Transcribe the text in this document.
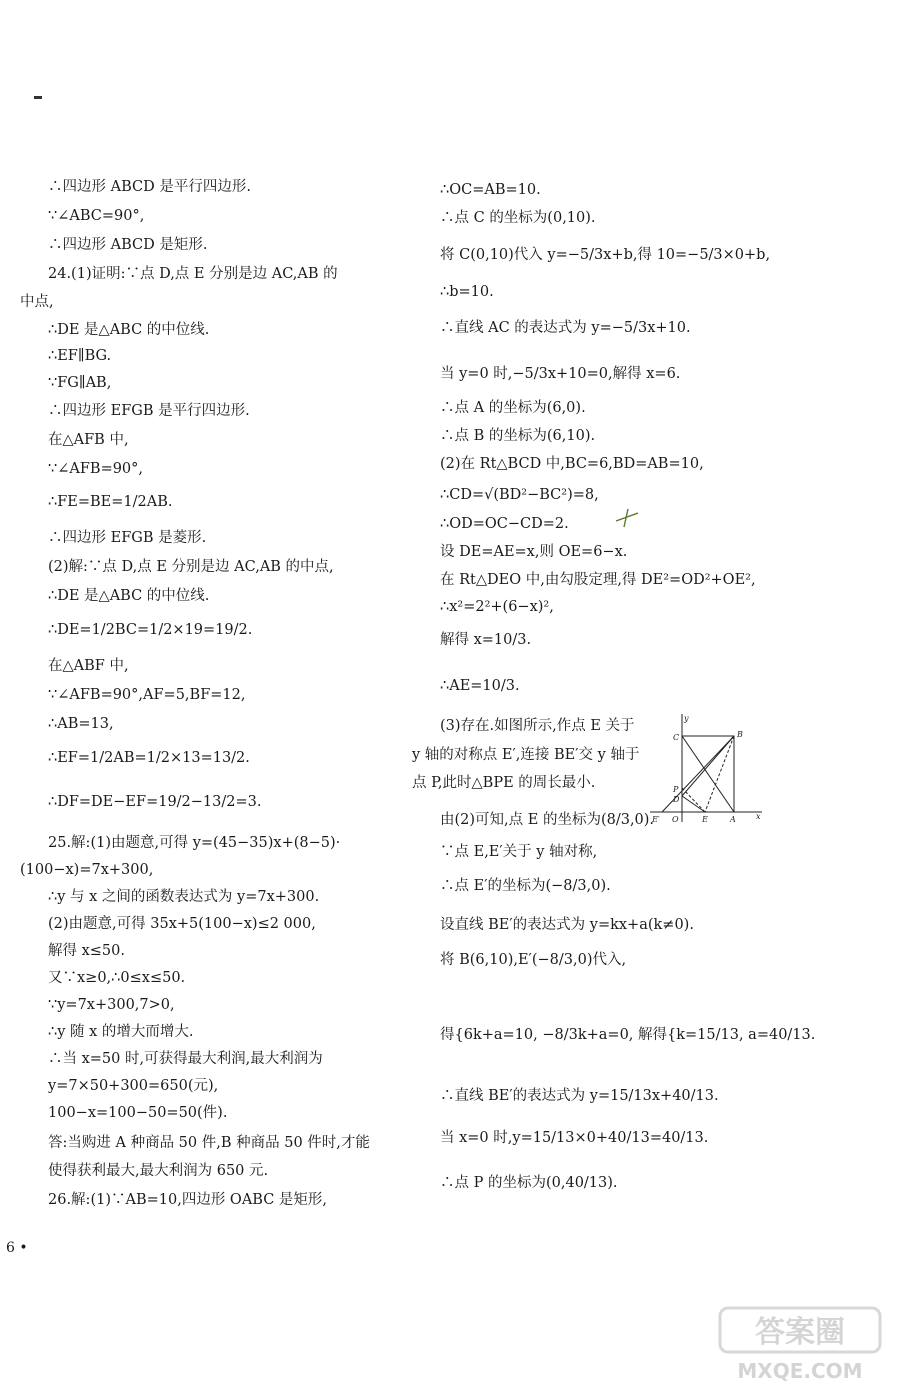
∴四边形 ABCD 是平行四边形.
∵∠ABC=90°,
∴四边形 ABCD 是矩形.
24.(1)证明:∵点 D,点 E 分别是边 AC,AB 的
中点,
∴DE 是△ABC 的中位线.
∴EF∥BG.
∵FG∥AB,
∴四边形 EFGB 是平行四边形.
在△AFB 中,
∵∠AFB=90°,
∴FE=BE=1/2AB.
∴四边形 EFGB 是菱形.
(2)解:∵点 D,点 E 分别是边 AC,AB 的中点,
∴DE 是△ABC 的中位线.
∴DE=1/2BC=1/2×19=19/2.
在△ABF 中,
∵∠AFB=90°,AF=5,BF=12,
∴AB=13,
∴EF=1/2AB=1/2×13=13/2.
∴DF=DE−EF=19/2−13/2=3.
25.解:(1)由题意,可得 y=(45−35)x+(8−5)·
(100−x)=7x+300,
∴y 与 x 之间的函数表达式为 y=7x+300.
(2)由题意,可得 35x+5(100−x)≤2 000,
解得 x≤50.
又∵x≥0,∴0≤x≤50.
∵y=7x+300,7>0,
∴y 随 x 的增大而增大.
∴当 x=50 时,可获得最大利润,最大利润为
y=7×50+300=650(元),
100−x=100−50=50(件).
答:当购进 A 种商品 50 件,B 种商品 50 件时,才能
使得获利最大,最大利润为 650 元.
26.解:(1)∵AB=10,四边形 OABC 是矩形,
∴OC=AB=10.
∴点 C 的坐标为(0,10).
将 C(0,10)代入 y=−5/3x+b,得 10=−5/3×0+b,
∴b=10.
∴直线 AC 的表达式为 y=−5/3x+10.
当 y=0 时,−5/3x+10=0,解得 x=6.
∴点 A 的坐标为(6,0).
∴点 B 的坐标为(6,10).
(2)在 Rt△BCD 中,BC=6,BD=AB=10,
∴CD=√(BD²−BC²)=8,
∴OD=OC−CD=2.
设 DE=AE=x,则 OE=6−x.
在 Rt△DEO 中,由勾股定理,得 DE²=OD²+OE²,
∴x²=2²+(6−x)²,
解得 x=10/3.
∴AE=10/3.
(3)存在.如图所示,作点 E 关于
y 轴的对称点 E′,连接 BE′交 y 轴于
点 P,此时△BPE 的周长最小.
由(2)可知,点 E 的坐标为(8/3,0).
∵点 E,E′关于 y 轴对称,
∴点 E′的坐标为(−8/3,0).
设直线 BE′的表达式为 y=kx+a(k≠0).
将 B(6,10),E′(−8/3,0)代入,
得{6k+a=10, −8/3k+a=0, 解得{k=15/13, a=40/13.
∴直线 BE′的表达式为 y=15/13x+40/13.
当 x=0 时,y=15/13×0+40/13=40/13.
∴点 P 的坐标为(0,40/13).
y
C	B
P
D
E′ O	E	A	x
6 •
答案圈
MXQE.COM
